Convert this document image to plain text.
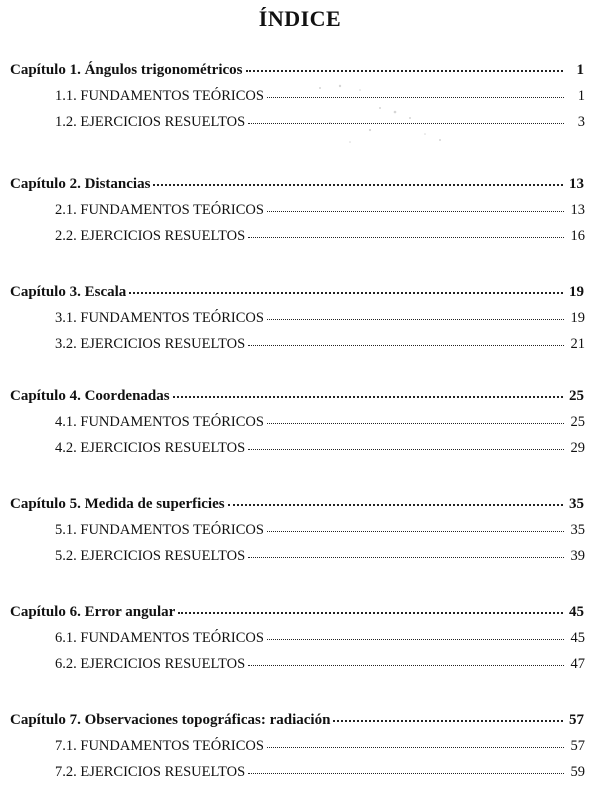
ÍNDICE
Capítulo 1. Ángulos trigonométricos	1
1.1. FUNDAMENTOS TEÓRICOS	1
1.2. EJERCICIOS RESUELTOS	3
Capítulo 2. Distancias	13
2.1. FUNDAMENTOS TEÓRICOS	13
2.2. EJERCICIOS RESUELTOS	16
Capítulo 3. Escala	19
3.1. FUNDAMENTOS TEÓRICOS	19
3.2. EJERCICIOS RESUELTOS	21
Capítulo 4. Coordenadas	25
4.1. FUNDAMENTOS TEÓRICOS	25
4.2. EJERCICIOS RESUELTOS	29
Capítulo 5. Medida de superficies	35
5.1. FUNDAMENTOS TEÓRICOS	35
5.2. EJERCICIOS RESUELTOS	39
Capítulo 6. Error angular	45
6.1. FUNDAMENTOS TEÓRICOS	45
6.2. EJERCICIOS RESUELTOS	47
Capítulo 7. Observaciones topográficas: radiación	57
7.1. FUNDAMENTOS TEÓRICOS	57
7.2. EJERCICIOS RESUELTOS	59
